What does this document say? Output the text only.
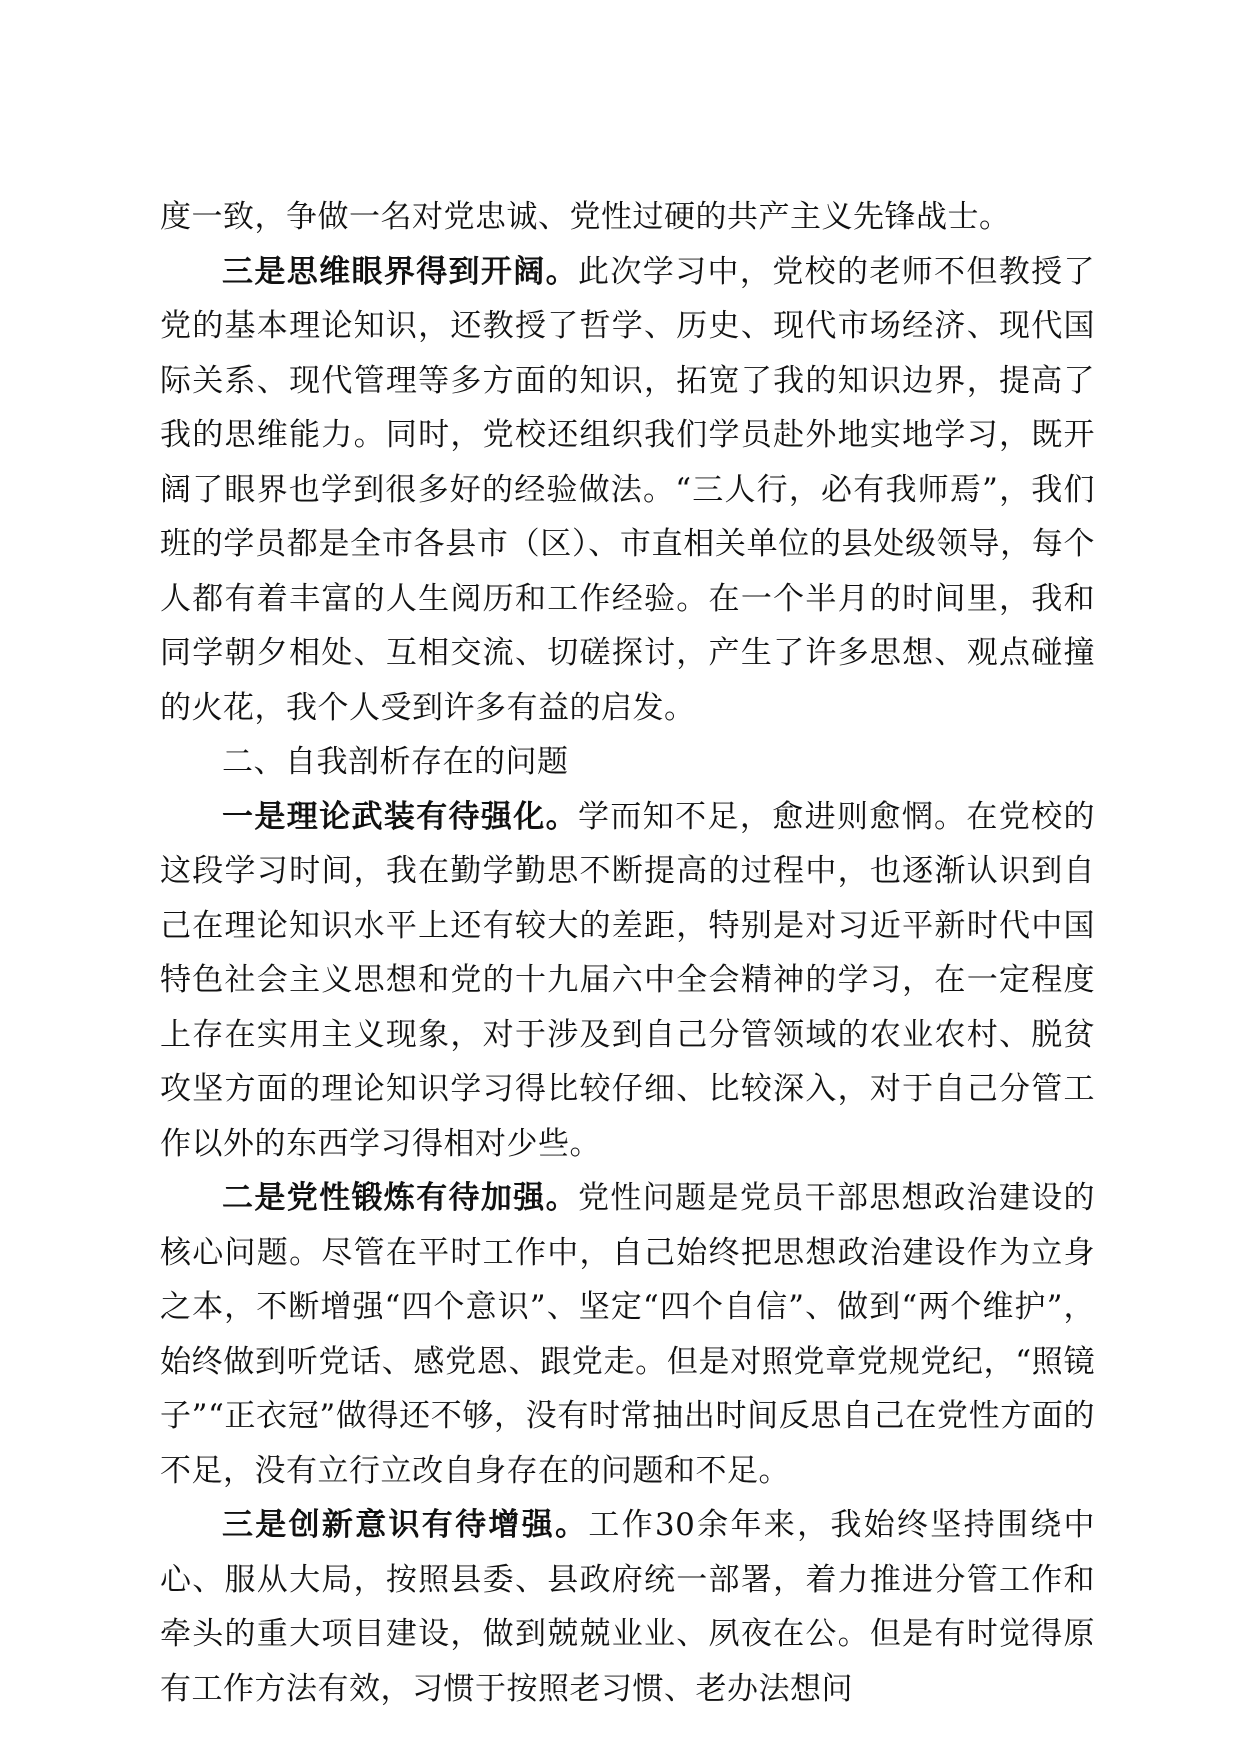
度一致，争做一名对党忠诚、党性过硬的共产主义先锋战士。

三是思维眼界得到开阔。此次学习中，党校的老师不但教授了党的基本理论知识，还教授了哲学、历史、现代市场经济、现代国际关系、现代管理等多方面的知识，拓宽了我的知识边界，提高了我的思维能力。同时，党校还组织我们学员赴外地实地学习，既开阔了眼界也学到很多好的经验做法。“三人行，必有我师焉”，我们班的学员都是全市各县市（区）、市直相关单位的县处级领导，每个人都有着丰富的人生阅历和工作经验。在一个半月的时间里，我和同学朝夕相处、互相交流、切磋探讨，产生了许多思想、观点碰撞的火花，我个人受到许多有益的启发。

二、自我剖析存在的问题

一是理论武装有待强化。学而知不足，愈进则愈惘。在党校的这段学习时间，我在勤学勤思不断提高的过程中，也逐渐认识到自己在理论知识水平上还有较大的差距，特别是对习近平新时代中国特色社会主义思想和党的十九届六中全会精神的学习，在一定程度上存在实用主义现象，对于涉及到自己分管领域的农业农村、脱贫攻坚方面的理论知识学习得比较仔细、比较深入，对于自己分管工作以外的东西学习得相对少些。

二是党性锻炼有待加强。党性问题是党员干部思想政治建设的核心问题。尽管在平时工作中，自己始终把思想政治建设作为立身之本，不断增强“四个意识”、坚定“四个自信”、做到“两个维护”，始终做到听党话、感党恩、跟党走。但是对照党章党规党纪，“照镜子”“正衣冠”做得还不够，没有时常抽出时间反思自己在党性方面的不足，没有立行立改自身存在的问题和不足。

三是创新意识有待增强。工作30余年来，我始终坚持围绕中心、服从大局，按照县委、县政府统一部署，着力推进分管工作和牵头的重大项目建设，做到兢兢业业、夙夜在公。但是有时觉得原有工作方法有效，习惯于按照老习惯、老办法想问
